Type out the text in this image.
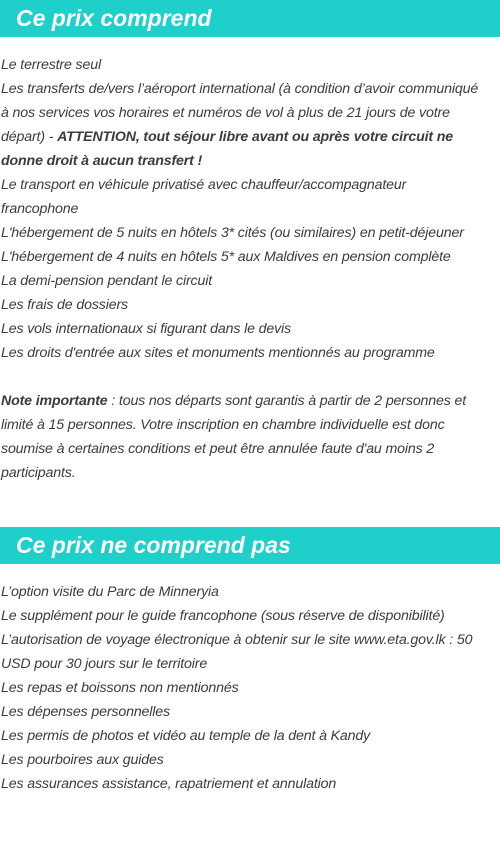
Ce prix comprend
Le terrestre seul
Les transferts de/vers l’aéroport international (à condition d’avoir communiqué
à nos services vos horaires et numéros de vol à plus de 21 jours de votre
départ) - ATTENTION, tout séjour libre avant ou après votre circuit ne
donne droit à aucun transfert !
Le transport en véhicule privatisé avec chauffeur/accompagnateur
francophone
L'hébergement de 5 nuits en hôtels 3* cités (ou similaires) en petit-déjeuner
L'hébergement de 4 nuits en hôtels 5* aux Maldives en pension complète
La demi-pension pendant le circuit
Les frais de dossiers
Les vols internationaux si figurant dans le devis
Les droits d'entrée aux sites et monuments mentionnés au programme
Note importante : tous nos départs sont garantis à partir de 2 personnes et
limité à 15 personnes. Votre inscription en chambre individuelle est donc
soumise à certaines conditions et peut être annulée faute d'au moins 2
participants.
Ce prix ne comprend pas
L’option visite du Parc de Minneryia
Le supplément pour le guide francophone (sous réserve de disponibilité)
L’autorisation de voyage électronique à obtenir sur le site www.eta.gov.lk : 50
USD pour 30 jours sur le territoire
Les repas et boissons non mentionnés
Les dépenses personnelles
Les permis de photos et vidéo au temple de la dent à Kandy
Les pourboires aux guides
Les assurances assistance, rapatriement et annulation
